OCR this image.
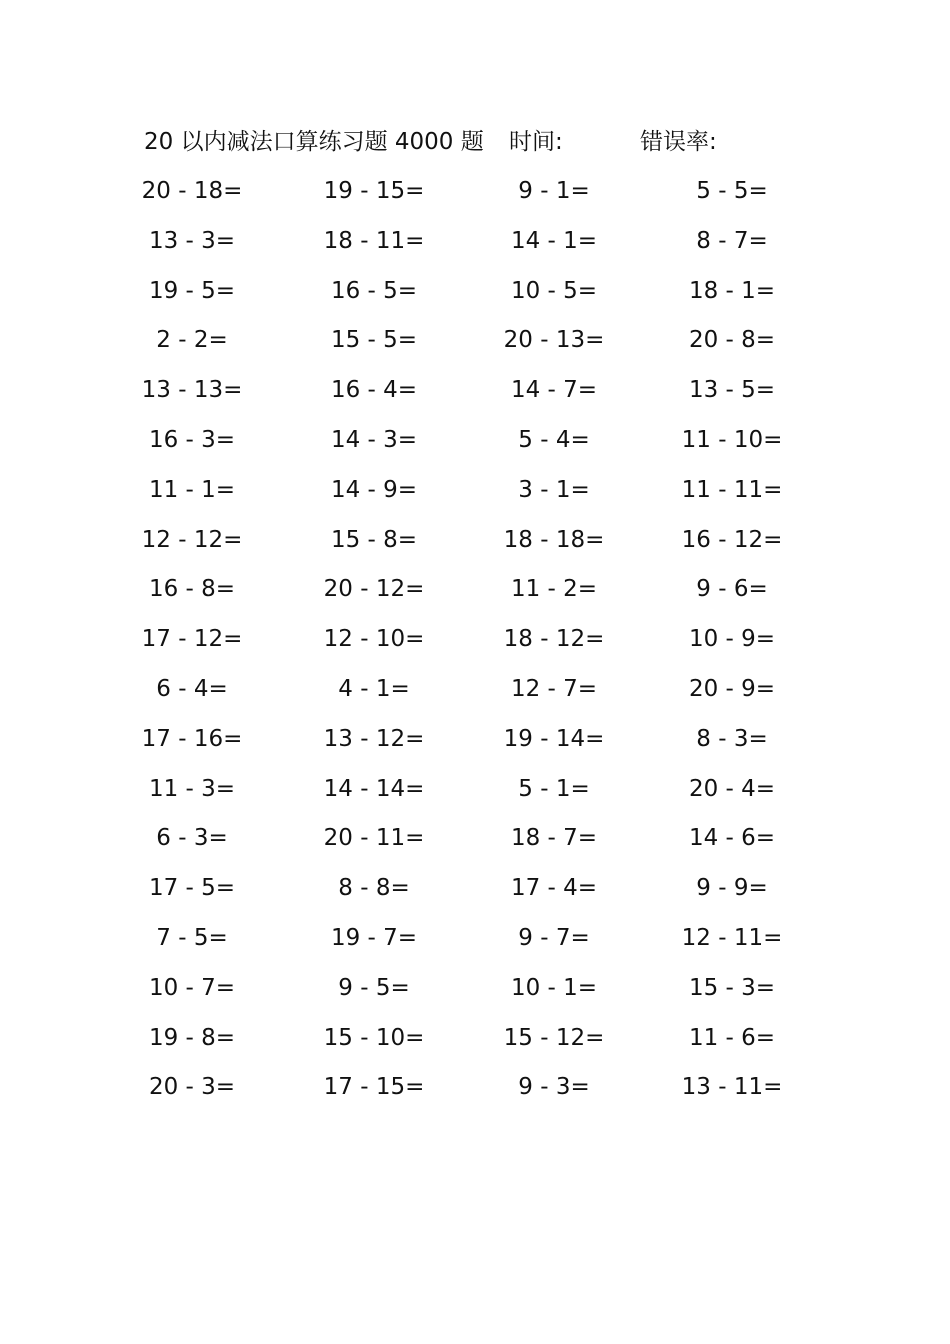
20 以内减法口算练习题 4000 题 时间:	错误率:
20 - 18=	19 - 15=	9 - 1=	5 - 5=
13 - 3=	18 - 11=	14 - 1=	8 - 7=
19 - 5=	16 - 5=	10 - 5=	18 - 1=
2 - 2=	15 - 5=	20 - 13=	20 - 8=
13 - 13=	16 - 4=	14 - 7=	13 - 5=
16 - 3=	14 - 3=	5 - 4=	11 - 10=
11 - 1=	14 - 9=	3 - 1=	11 - 11=
12 - 12=	15 - 8=	18 - 18=	16 - 12=
16 - 8=	20 - 12=	11 - 2=	9 - 6=
17 - 12=	12 - 10=	18 - 12=	10 - 9=
6 - 4=	4 - 1=	12 - 7=	20 - 9=
17 - 16=	13 - 12=	19 - 14=	8 - 3=
11 - 3=	14 - 14=	5 - 1=	20 - 4=
6 - 3=	20 - 11=	18 - 7=	14 - 6=
17 - 5=	8 - 8=	17 - 4=	9 - 9=
7 - 5=	19 - 7=	9 - 7=	12 - 11=
10 - 7=	9 - 5=	10 - 1=	15 - 3=
19 - 8=	15 - 10=	15 - 12=	11 - 6=
20 - 3=	17 - 15=	9 - 3=	13 - 11=
